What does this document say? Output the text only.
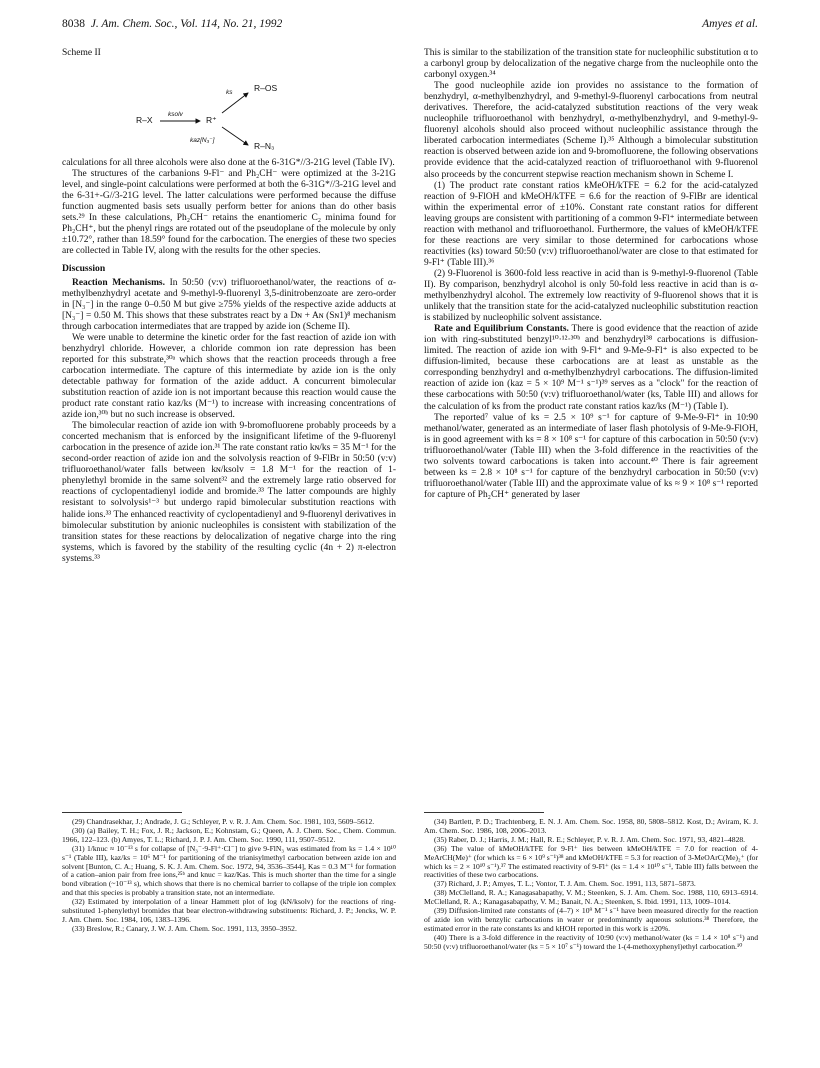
8038 J. Am. Chem. Soc., Vol. 114, No. 21, 1992	Amyes et al.
Scheme II
R–X
ksolv
R⁺
ks	R–OS
kaz[N₃⁻]
R–N₃

calculations for all three alcohols were also done at the 6-31G*//3-21G level (Table IV).

The structures of the carbanions 9-Fl⁻ and Ph₂CH⁻ were optimized at the 3-21G level, and single-point calculations were performed at both the 6-31G*//3-21G level and the 6-31+-G//3-21G level. The latter calculations were performed because the diffuse function augmented basis sets usually perform better for anions than do other basis sets.²⁹ In these calculations, Ph₂CH⁻ retains the enantiomeric C₂ minima found for Ph₂CH⁺, but the phenyl rings are rotated out of the pseudoplane of the molecule by only ±10.72°, rather than 18.59° found for the carbocation. The energies of these two species are collected in Table IV, along with the results for the other species.

Discussion

Reaction Mechanisms. In 50:50 (v:v) trifluoroethanol/water, the reactions of α-methylbenzhydryl acetate and 9-methyl-9-fluorenyl 3,5-dinitrobenzoate are zero-order in [N₃⁻] in the range 0–0.50 M but give ≥75% yields of the respective azide adducts at [N₃⁻] = 0.50 M. This shows that these substrates react by a Dɴ + Aɴ (Sɴ1)⁸ mechanism through carbocation intermediates that are trapped by azide ion (Scheme II).

We were unable to determine the kinetic order for the fast reaction of azide ion with benzhydryl chloride. However, a chloride common ion rate depression has been reported for this substrate,³⁰ᵃ which shows that the reaction proceeds through a free carbocation intermediate. The capture of this intermediate by azide ion is the only detectable pathway for formation of the azide adduct. A concurrent bimolecular substitution reaction of azide ion is not important because this reaction would cause the product rate constant ratio kaz/ks (M⁻¹) to increase with increasing concentrations of azide ion,³⁰ᵇ but no such increase is observed.

The bimolecular reaction of azide ion with 9-bromofluorene probably proceeds by a concerted mechanism that is enforced by the insignificant lifetime of the 9-fluorenyl carbocation in the presence of azide ion.³¹ The rate constant ratio kɴ/ks = 35 M⁻¹ for the second-order reaction of azide ion and the solvolysis reaction of 9-FlBr in 50:50 (v:v) trifluoroethanol/water falls between kɴ/ksolv = 1.8 M⁻¹ for the reaction of 1-phenylethyl bromide in the same solvent³² and the extremely large ratio observed for reactions of cyclopentadienyl iodide and bromide.³³ The latter compounds are highly resistant to solvolysis¹⁻³ but undergo rapid bimolecular substitution reactions with halide ions.³³ The enhanced reactivity of cyclopentadienyl and 9-fluorenyl derivatives in bimolecular substitution by anionic nucleophiles is consistent with stabilization of the transition states for these reactions by delocalization of negative charge into the ring systems, which is favored by the stability of the resulting cyclic (4n + 2) π-electron systems.³³

This is similar to the stabilization of the transition state for nucleophilic substitution α to a carbonyl group by delocalization of the negative charge from the nucleophile onto the carbonyl oxygen.³⁴

The good nucleophile azide ion provides no assistance to the formation of benzhydryl, α-methylbenzhydryl, and 9-methyl-9-fluorenyl carbocations from neutral derivatives. Therefore, the acid-catalyzed substitution reactions of the very weak nucleophile trifluoroethanol with benzhydryl, α-methylbenzhydryl, and 9-methyl-9-fluorenyl alcohols should also proceed without nucleophilic assistance through the liberated carbocation intermediates (Scheme I).³⁵ Although a bimolecular substitution reaction is observed between azide ion and 9-bromofluorene, the following observations provide evidence that the acid-catalyzed reaction of trifluoroethanol with 9-fluorenol also proceeds by the concurrent stepwise reaction mechanism shown in Scheme I.

(1) The product rate constant ratios kMeOH/kTFE = 6.2 for the acid-catalyzed reaction of 9-FlOH and kMeOH/kTFE = 6.6 for the reaction of 9-FlBr are identical within the experimental error of ±10%. Constant rate constant ratios for different leaving groups are consistent with partitioning of a common 9-Fl⁺ intermediate between reaction with methanol and trifluoroethanol. Furthermore, the values of kMeOH/kTFE for these reactions are very similar to those determined for carbocations whose reactivities (ks) toward 50:50 (v:v) trifluoroethanol/water are close to that estimated for 9-Fl⁺ (Table III).³⁶

(2) 9-Fluorenol is 3600-fold less reactive in acid than is 9-methyl-9-fluorenol (Table II). By comparison, benzhydryl alcohol is only 50-fold less reactive in acid than is α-methylbenzhydryl alcohol. The extremely low reactivity of 9-fluorenol shows that it is unlikely that the transition state for the acid-catalyzed nucleophilic substitution reaction is stabilized by nucleophilic solvent assistance.

Rate and Equilibrium Constants. There is good evidence that the reaction of azide ion with ring-substituted benzyl¹⁰·¹²·³⁰ᵇ and benzhydryl³⁸ carbocations is diffusion-limited. The reaction of azide ion with 9-Fl⁺ and 9-Me-9-Fl⁺ is also expected to be diffusion-limited, because these carbocations are at least as unstable as the corresponding benzhydryl and α-methylbenzhydryl carbocations. The diffusion-limited reaction of azide ion (kaz = 5 × 10⁹ M⁻¹ s⁻¹)³⁹ serves as a "clock" for the reaction of these carbocations with 50:50 (v:v) trifluoroethanol/water (ks, Table III) and allows for the calculation of ks from the product rate constant ratios kaz/ks (M⁻¹) (Table I).

The reported⁷ value of ks = 2.5 × 10⁹ s⁻¹ for capture of 9-Me-9-Fl⁺ in 10:90 methanol/water, generated as an intermediate of laser flash photolysis of 9-Me-9-FlOH, is in good agreement with ks = 8 × 10⁸ s⁻¹ for capture of this carbocation in 50:50 (v:v) trifluoroethanol/water (Table III) when the 3-fold difference in the reactivities of the two solvents toward carbocations is taken into account.⁴⁰ There is fair agreement between ks = 2.8 × 10⁸ s⁻¹ for capture of the benzhydryl carbocation in 50:50 (v:v) trifluoroethanol/water (Table III) and the approximate value of ks ≈ 9 × 10⁸ s⁻¹ reported for capture of Ph₂CH⁺ generated by laser

(29) Chandrasekhar, J.; Andrade, J. G.; Schleyer, P. v. R. J. Am. Chem. Soc. 1981, 103, 5609–5612.

(30) (a) Bailey, T. H.; Fox, J. R.; Jackson, E.; Kohnstam, G.; Queen, A. J. Chem. Soc., Chem. Commun. 1966, 122–123. (b) Amyes, T. L.; Richard, J. P. J. Am. Chem. Soc. 1990, 111, 9507–9512.

(31) 1/knuc ≈ 10⁻¹³ s for collapse of [N₃⁻·9-Fl⁺·Cl⁻] to give 9-FlN₃ was estimated from ks = 1.4 × 10¹⁰ s⁻¹ (Table III), kaz/ks = 10⁶ M⁻¹ for partitioning of the trianisylmethyl carbocation between azide ion and solvent [Bunton, C. A.; Huang, S. K. J. Am. Chem. Soc. 1972, 94, 3536–3544], Kas = 0.3 M⁻¹ for formation of a cation–anion pair from free ions,²⁵ᵇ and knuc = kaz/Kas. This is much shorter than the time for a single bond vibration (~10⁻¹³ s), which shows that there is no chemical barrier to collapse of the triple ion complex and that this species is probably a transition state, not an intermediate.

(32) Estimated by interpolation of a linear Hammett plot of log (kN/ksolv) for the reactions of ring-substituted 1-phenylethyl bromides that bear electron-withdrawing substituents: Richard, J. P.; Jencks, W. P. J. Am. Chem. Soc. 1984, 106, 1383–1396.

(33) Breslow, R.; Canary, J. W. J. Am. Chem. Soc. 1991, 113, 3950–3952.

(34) Bartlett, P. D.; Trachtenberg, E. N. J. Am. Chem. Soc. 1958, 80, 5808–5812. Kost, D.; Aviram, K. J. Am. Chem. Soc. 1986, 108, 2006–2013.

(35) Raber, D. J.; Harris, J. M.; Hall, R. E.; Schleyer, P. v. R. J. Am. Chem. Soc. 1971, 93, 4821–4828.

(36) The value of kMeOH/kTFE for 9-Fl⁺ lies between kMeOH/kTFE = 7.0 for reaction of 4-MeArCH(Me)⁺ (for which ks = 6 × 10⁹ s⁻¹)³⁸ and kMeOH/kTFE = 5.3 for reaction of 3-MeOArC(Me)₂⁺ (for which ks = 2 × 10¹⁰ s⁻¹).³⁷ The estimated reactivity of 9-Fl⁺ (ks = 1.4 × 10¹⁰ s⁻¹, Table III) falls between the reactivities of these two carbocations.

(37) Richard, J. P.; Amyes, T. L.; Vontor, T. J. Am. Chem. Soc. 1991, 113, 5871–5873.

(38) McClelland, R. A.; Kanagasabapathy, V. M.; Steenken, S. J. Am. Chem. Soc. 1988, 110, 6913–6914. McClelland, R. A.; Kanagasabapathy, V. M.; Banait, N. A.; Steenken, S. Ibid. 1991, 113, 1009–1014.

(39) Diffusion-limited rate constants of (4–7) × 10⁹ M⁻¹ s⁻¹ have been measured directly for the reaction of azide ion with benzylic carbocations in water or predominantly aqueous solutions.³⁸ Therefore, the estimated error in the rate constants ks and kHOH reported in this work is ±20%.

(40) There is a 3-fold difference in the reactivity of 10:90 (v:v) methanol/water (ks = 1.4 × 10⁸ s⁻¹) and 50:50 (v:v) trifluoroethanol/water (ks = 5 × 10⁷ s⁻¹) toward the 1-(4-methoxyphenyl)ethyl carbocation.¹⁰
